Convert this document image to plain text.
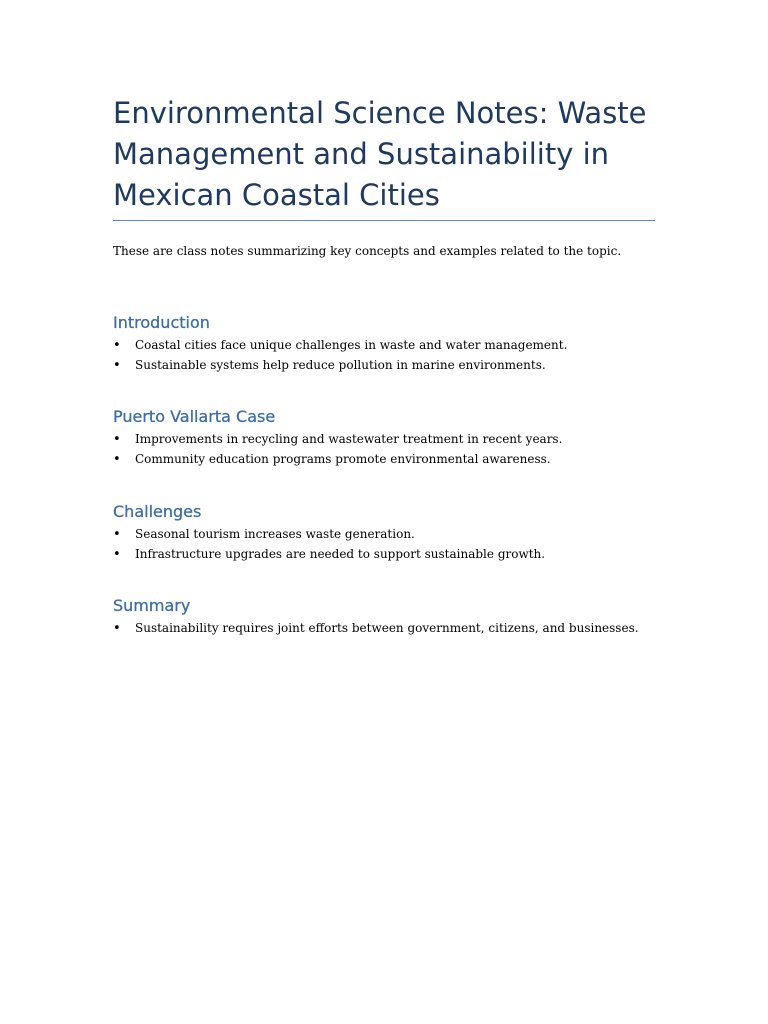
Environmental Science Notes: Waste Management and Sustainability in Mexican Coastal Cities

These are class notes summarizing key concepts and examples related to the topic.

Introduction
• Coastal cities face unique challenges in waste and water management.
• Sustainable systems help reduce pollution in marine environments.
Puerto Vallarta Case
• Improvements in recycling and wastewater treatment in recent years.
• Community education programs promote environmental awareness.
Challenges
• Seasonal tourism increases waste generation.
• Infrastructure upgrades are needed to support sustainable growth.
Summary
• Sustainability requires joint efforts between government, citizens, and businesses.
